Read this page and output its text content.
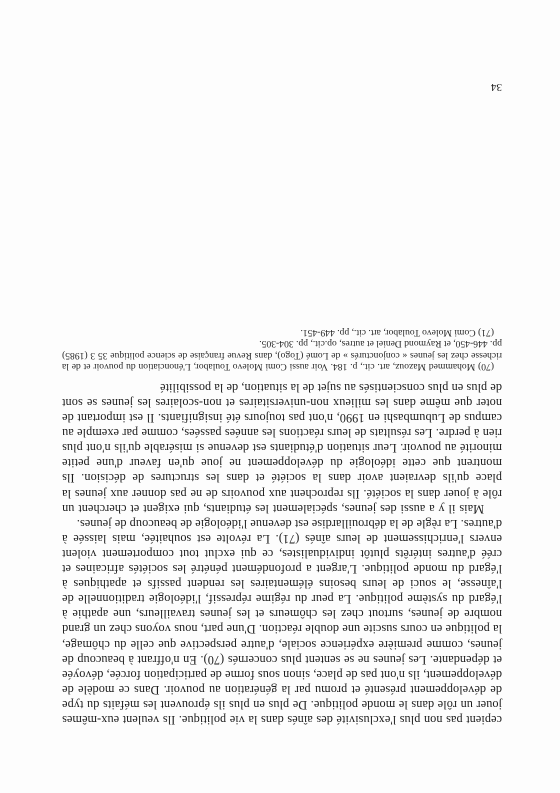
cepient pas non plus l'exclusivité des aînés dans la vie politique. Ils veulent eux-mêmes jouer un rôle dans le monde politique. De plus en plus ils éprouvent les méfaits du type de développement présenté et promu par la génération au pouvoir. Dans ce modèle de développement, ils n'ont pas de place, sinon sous forme de participation forcée, dévoyée et dépendante. Les jeunes ne se sentent plus concernés (70). En n'offrant à beaucoup de jeunes, comme première expérience sociale, d'autre perspective que celle du chômage, la politique en cours suscite une double réaction. D'une part, nous voyons chez un grand nombre de jeunes, surtout chez les chômeurs et les jeunes travailleurs, une apathie à l'égard du système politique. La peur du régime répressif, l'idéologie traditionnelle de l'aînesse, le souci de leurs besoins élémentaires les rendent passifs et apathiques à l'égard du monde politique. L'argent a profondément pénétré les sociétés africaines et créé d'autres intérêts plutôt individualistes, ce qui exclut tout comportement violent envers l'enrichissement de leurs aînés (71). La révolte est souhaitée, mais laissée à d'autres. La règle de la débrouillardise est devenue l'idéologie de beaucoup de jeunes.

Mais il y a aussi des jeunes, spécialement les étudiants, qui exigent et cherchent un rôle à jouer dans la société. Ils reprochent aux pouvoirs de ne pas donner aux jeunes la place qu'ils devraient avoir dans la société et dans les structures de décision. Ils montrent que cette idéologie du développement ne joue qu'en faveur d'une petite minorité au pouvoir. Leur situation d'étudiants est devenue si misérable qu'ils n'ont plus rien à perdre. Les résultats de leurs réactions les années passées, comme par exemple au campus de Lubumbashi en 1990, n'ont pas toujours été insignifiants. Il est important de noter que même dans les milieux non-universitaires et non-scolaires les jeunes se sont de plus en plus conscientisés au sujet de la situation, de la possibilité

(70) Mohammed Mazouz, art. cit., p. 184. Voir aussi Comi Molevo Toulabor, L'énonciation du pouvoir et de la richesse chez les jeunes « conjoncturés » de Lomé (Togo), dans Revue française de science politique 35 3 (1985) pp. 446-450, et Raymond Deniel et autres, op.cit., pp. 304-305.

(71) Comi Molevo Toulabor, art. cit., pp. 449-451.

34
